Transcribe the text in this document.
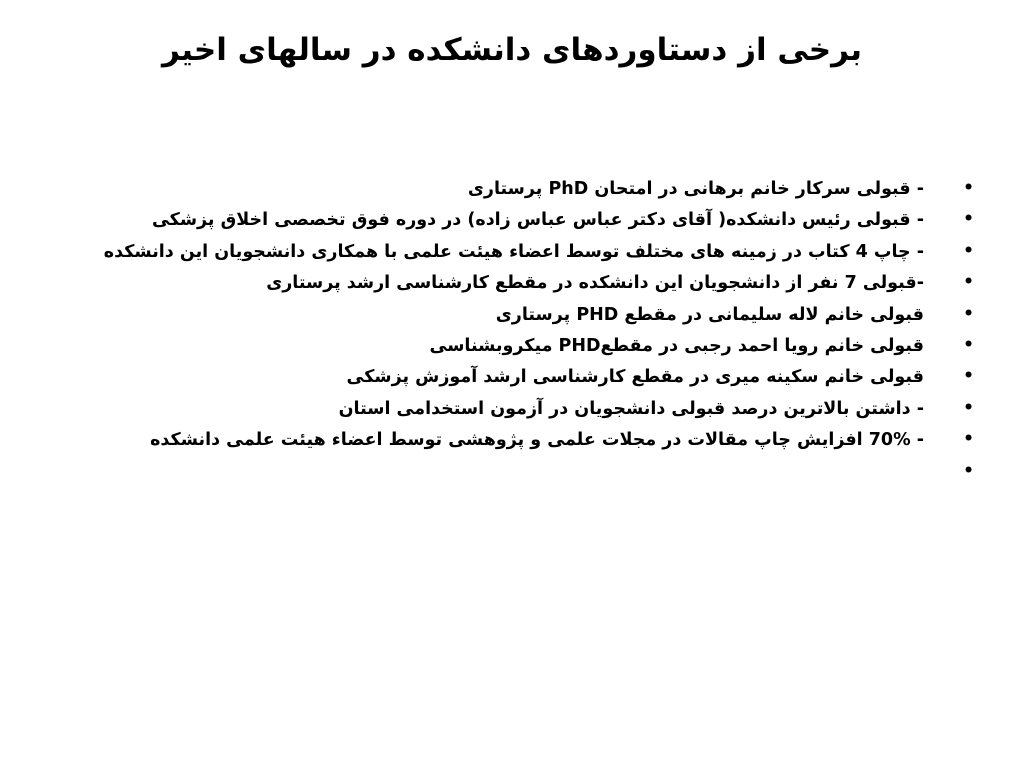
برخی از دستاوردهای دانشکده در سالهای اخیر
•
- قبولی سرکار خانم برهانی در امتحان PhD پرستاری
•
- قبولی رئیس دانشکده( آقای دکتر عباس عباس زاده) در دوره فوق تخصصی اخلاق پزشکی
•
- چاپ 4 کتاب در زمینه های مختلف توسط اعضاء هیئت علمی با همکاری دانشجویان این دانشکده
•
-قبولی 7 نفر از دانشجویان این دانشکده در مقطع کارشناسی ارشد پرستاری
•
قبولی خانم لاله سلیمانی در مقطع PHD پرستاری
•
قبولی خانم رویا احمد رجبی در مقطعPHD میکروبشناسی
•
قبولی خانم سکینه میری در مقطع کارشناسی ارشد آموزش پزشکی
•
- داشتن بالاترین درصد قبولی دانشجویان در آزمون استخدامی استان
•
- 70% افزایش چاپ مقالات در مجلات علمی و پژوهشی توسط اعضاء هیئت علمی دانشکده
•
